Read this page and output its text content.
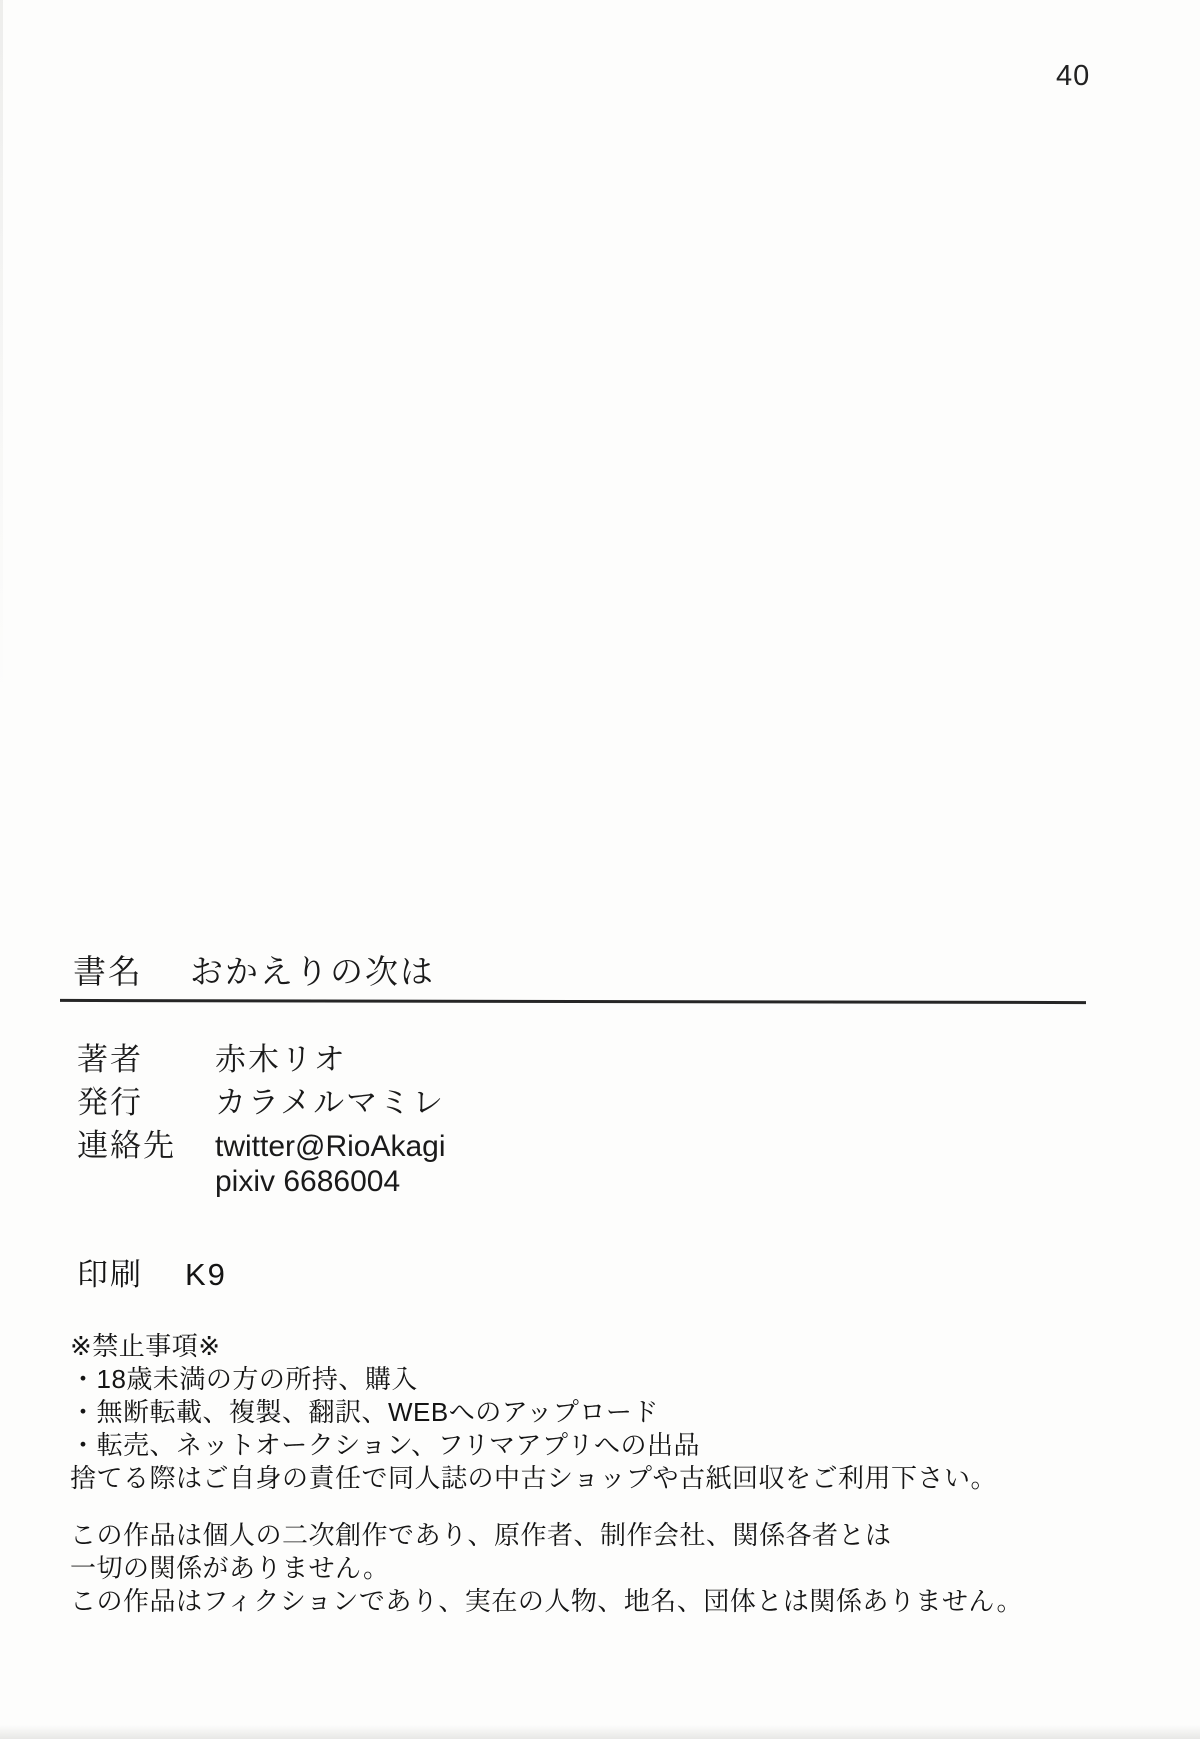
40
書名 おかえりの次は
著者 赤木リオ
発行 カラメルマミレ
連絡先 twitter@RioAkagi
pixiv 6686004
印刷 K9
※禁止事項※
・18歳未満の方の所持、購入
・無断転載、複製、翻訳、WEBへのアップロード
・転売、ネットオークション、フリマアプリへの出品
捨てる際はご自身の責任で同人誌の中古ショップや古紙回収をご利用下さい。
この作品は個人の二次創作であり、原作者、制作会社、関係各者とは
一切の関係がありません。
この作品はフィクションであり、実在の人物、地名、団体とは関係ありません。
